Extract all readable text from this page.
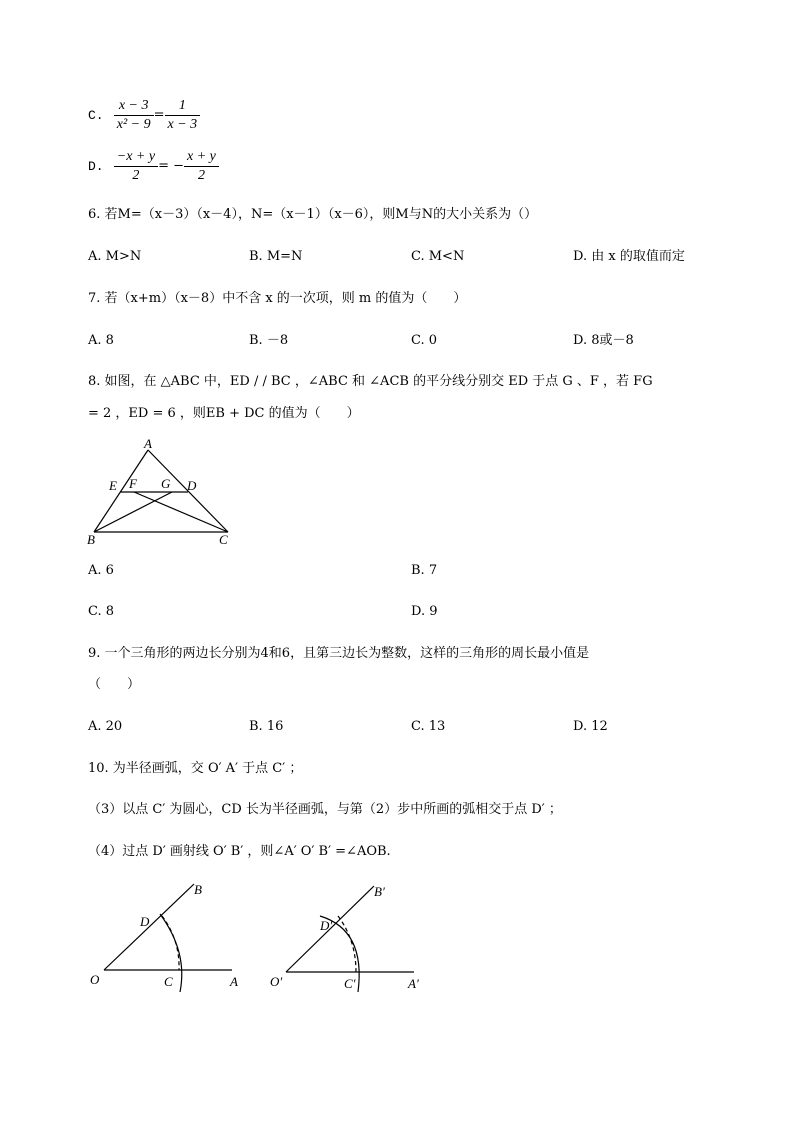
C. $\frac{x - 3}{\text{x² − 9}} = \frac{1}{x - 3}$
D. $\frac{-x + y}{2}$ = − $\frac{x + y}{2}$
6. 若M=（x－3）（x－4），N=（x－1）（x－6），则M与N的大小关系为（）
A. M>N	B. M=N	C. M<N	D. 由 x 的取值而定
7. 若（x+m）（x－8）中不含 x 的一次项，则 m 的值为（　　）
A. 8	B. －8	C. 0	D. 8或－8
8. 如图，在 △ABC 中，ED / / BC ，∠ABC 和 ∠ACB 的平分线分别交 ED 于点 G 、F ，若 FG
= 2 ，ED = 6 ，则EB + DC 的值为（　　）
A
E F G D
B	C
A. 6	B. 7
C. 8	D. 9
9. 一个三角形的两边长分别为4和6，且第三边长为整数，这样的三角形的周长最小值是
（　　）
A. 20	B. 16	C. 13	D. 12
10. 为半径画弧，交 O′ A′ 于点 C′ ；
（3）以点 C′ 为圆心，CD 长为半径画弧，与第（2）步中所画的弧相交于点 D′ ；
（4）过点 D′ 画射线 O′ B′ ，则∠A′ O′ B′ =∠AOB.
O	A
B
C
D
O′	A′
B′
C′
D′
